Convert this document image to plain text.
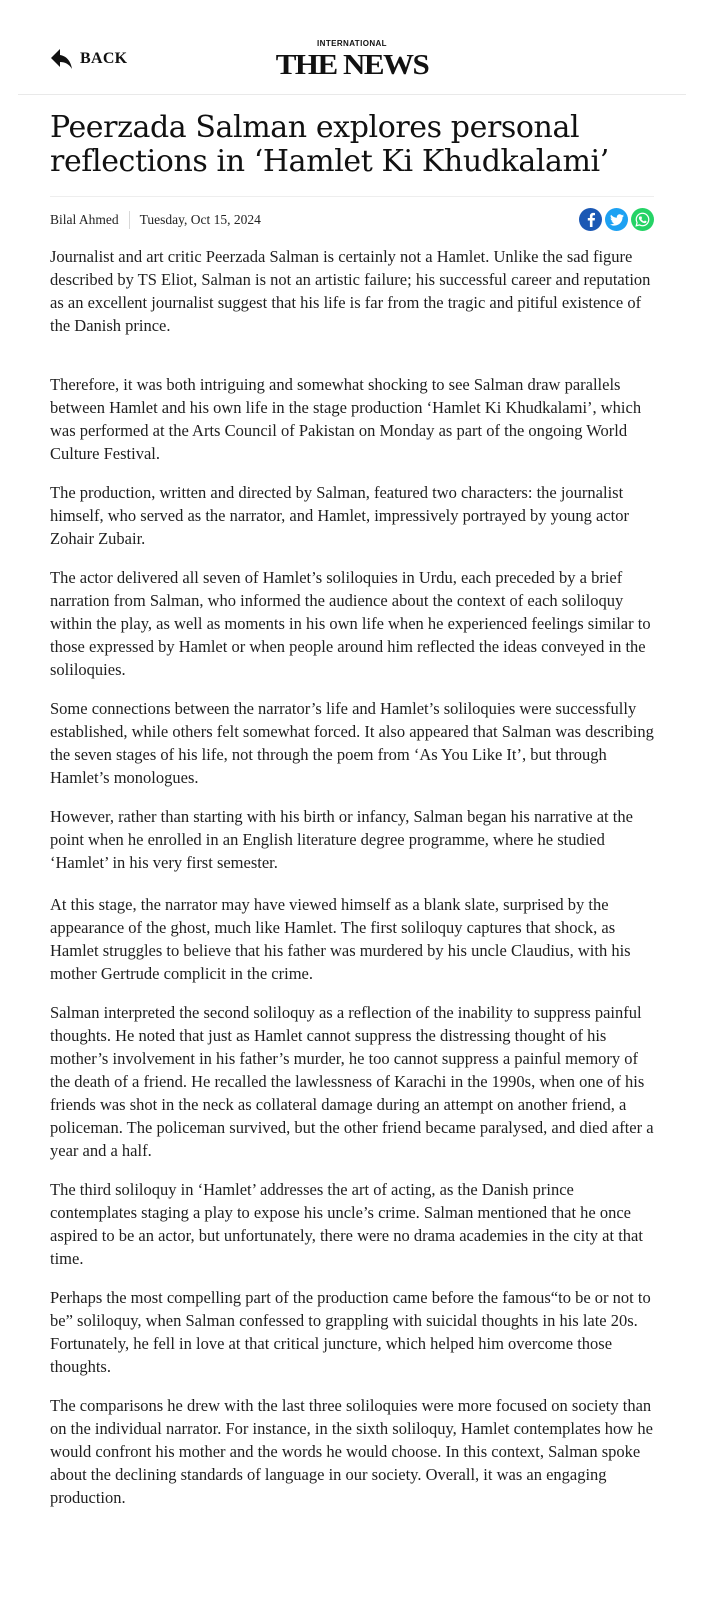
BACK
INTERNATIONAL
THE NEWS
Peerzada Salman explores personal reflections in ‘Hamlet Ki Khudkalami’
Bilal Ahmed	Tuesday, Oct 15, 2024

Journalist and art critic Peerzada Salman is certainly not a Hamlet. Unlike the sad figure described by TS Eliot, Salman is not an artistic failure; his successful career and reputation as an excellent journalist suggest that his life is far from the tragic and pitiful existence of the Danish prince.

Therefore, it was both intriguing and somewhat shocking to see Salman draw parallels between Hamlet and his own life in the stage production ‘Hamlet Ki Khudkalami’, which was performed at the Arts Council of Pakistan on Monday as part of the ongoing World Culture Festival.

The production, written and directed by Salman, featured two characters: the journalist himself, who served as the narrator, and Hamlet, impressively portrayed by young actor Zohair Zubair.

The actor delivered all seven of Hamlet’s soliloquies in Urdu, each preceded by a brief narration from Salman, who informed the audience about the context of each soliloquy within the play, as well as moments in his own life when he experienced feelings similar to those expressed by Hamlet or when people around him reflected the ideas conveyed in the soliloquies.

Some connections between the narrator’s life and Hamlet’s soliloquies were successfully established, while others felt somewhat forced. It also appeared that Salman was describing the seven stages of his life, not through the poem from ‘As You Like It’, but through Hamlet’s monologues.

However, rather than starting with his birth or infancy, Salman began his narrative at the point when he enrolled in an English literature degree programme, where he studied ‘Hamlet’ in his very first semester.

At this stage, the narrator may have viewed himself as a blank slate, surprised by the appearance of the ghost, much like Hamlet. The first soliloquy captures that shock, as Hamlet struggles to believe that his father was murdered by his uncle Claudius, with his mother Gertrude complicit in the crime.

Salman interpreted the second soliloquy as a reflection of the inability to suppress painful thoughts. He noted that just as Hamlet cannot suppress the distressing thought of his mother’s involvement in his father’s murder, he too cannot suppress a painful memory of the death of a friend. He recalled the lawlessness of Karachi in the 1990s, when one of his friends was shot in the neck as collateral damage during an attempt on another friend, a policeman. The policeman survived, but the other friend became paralysed, and died after a year and a half.

The third soliloquy in ‘Hamlet’ addresses the art of acting, as the Danish prince contemplates staging a play to expose his uncle’s crime. Salman mentioned that he once aspired to be an actor, but unfortunately, there were no drama academies in the city at that time.

Perhaps the most compelling part of the production came before the famous“to be or not to be” soliloquy, when Salman confessed to grappling with suicidal thoughts in his late 20s. Fortunately, he fell in love at that critical juncture, which helped him overcome those thoughts.

The comparisons he drew with the last three soliloquies were more focused on society than on the individual narrator. For instance, in the sixth soliloquy, Hamlet contemplates how he would confront his mother and the words he would choose. In this context, Salman spoke about the declining standards of language in our society. Overall, it was an engaging production.
